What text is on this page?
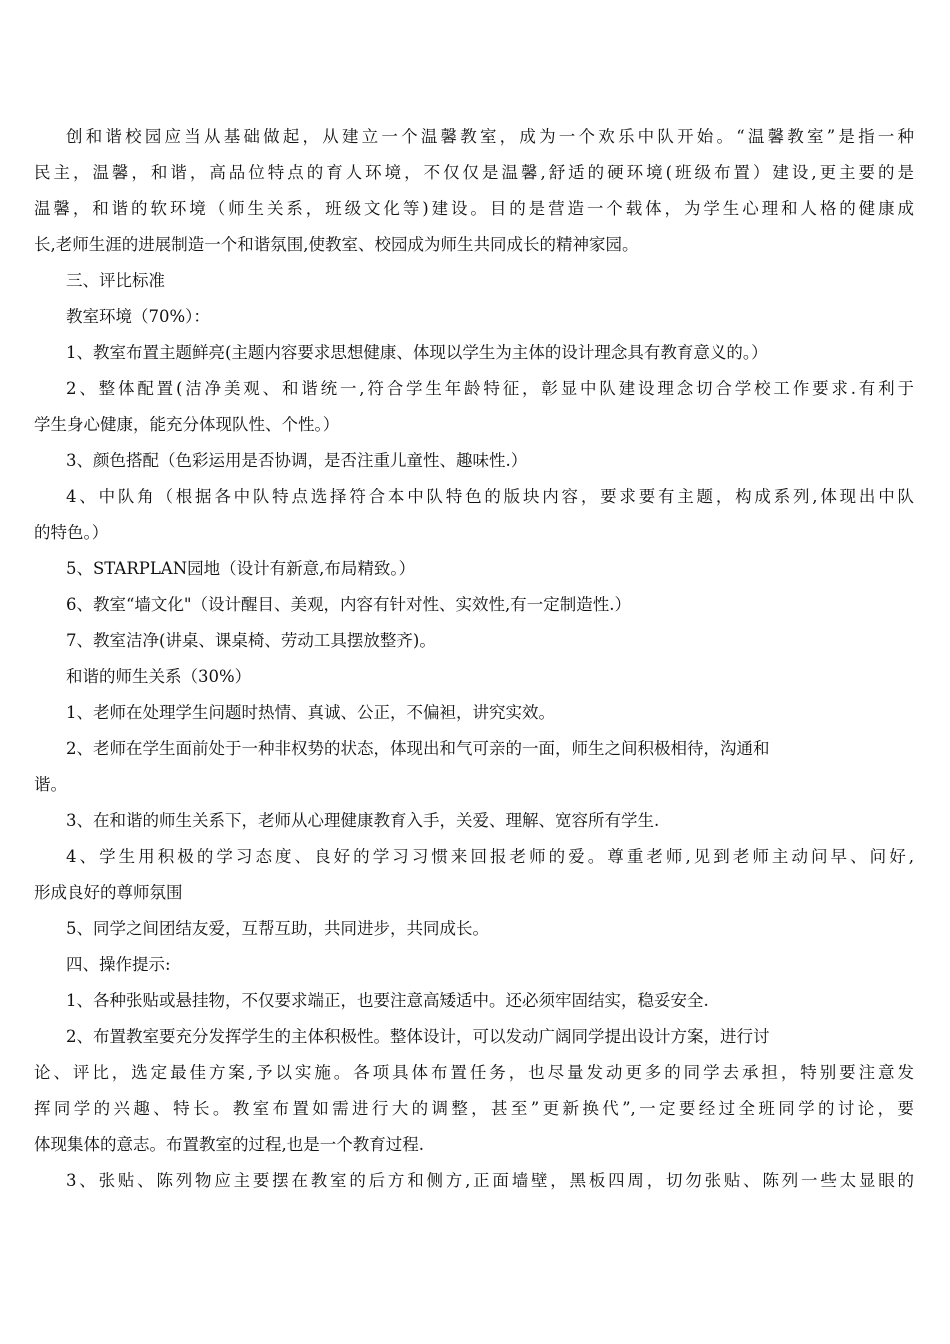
创和谐校园应当从基础做起，从建立一个温馨教室，成为一个欢乐中队开始。“温馨教室”是指一种
民主，温馨，和谐，高品位特点的育人环境，不仅仅是温馨,舒适的硬环境(班级布置）建设,更主要的是
温馨，和谐的软环境（师生关系，班级文化等)建设。目的是营造一个载体，为学生心理和人格的健康成
长,老师生涯的进展制造一个和谐氛围,使教室、校园成为师生共同成长的精神家园。
三、评比标准
教室环境（70%）：
1、教室布置主题鲜亮(主题内容要求思想健康、体现以学生为主体的设计理念具有教育意义的。）
2、整体配置(洁净美观、和谐统一,符合学生年龄特征，彰显中队建设理念切合学校工作要求.有利于
学生身心健康，能充分体现队性、个性。）
3、颜色搭配（色彩运用是否协调，是否注重儿童性、趣味性.）
4、中队角（根据各中队特点选择符合本中队特色的版块内容，要求要有主题，构成系列,体现出中队
的特色。）
5、STARPLAN园地（设计有新意,布局精致。）
6、教室“墙文化"（设计醒目、美观，内容有针对性、实效性,有一定制造性.）
7、教室洁净(讲桌、课桌椅、劳动工具摆放整齐)。
和谐的师生关系（30%）
1、老师在处理学生问题时热情、真诚、公正，不偏袒，讲究实效。
2、老师在学生面前处于一种非权势的状态，体现出和气可亲的一面，师生之间积极相待，沟通和
谐。
3、在和谐的师生关系下，老师从心理健康教育入手，关爱、理解、宽容所有学生.
4、学生用积极的学习态度、良好的学习习惯来回报老师的爱。尊重老师,见到老师主动问早、问好,
形成良好的尊师氛围
5、同学之间团结友爱，互帮互助，共同进步，共同成长。
四、操作提示:
1、各种张贴或悬挂物，不仅要求端正，也要注意高矮适中。还必须牢固结实，稳妥安全.
2、布置教室要充分发挥学生的主体积极性。整体设计，可以发动广阔同学提出设计方案，进行讨
论、评比，选定最佳方案,予以实施。各项具体布置任务，也尽量发动更多的同学去承担，特别要注意发
挥同学的兴趣、特长。教室布置如需进行大的调整，甚至”更新换代”,一定要经过全班同学的讨论，要
体现集体的意志。布置教室的过程,也是一个教育过程.
3、张贴、陈列物应主要摆在教室的后方和侧方,正面墙壁，黑板四周，切勿张贴、陈列一些太显眼的
